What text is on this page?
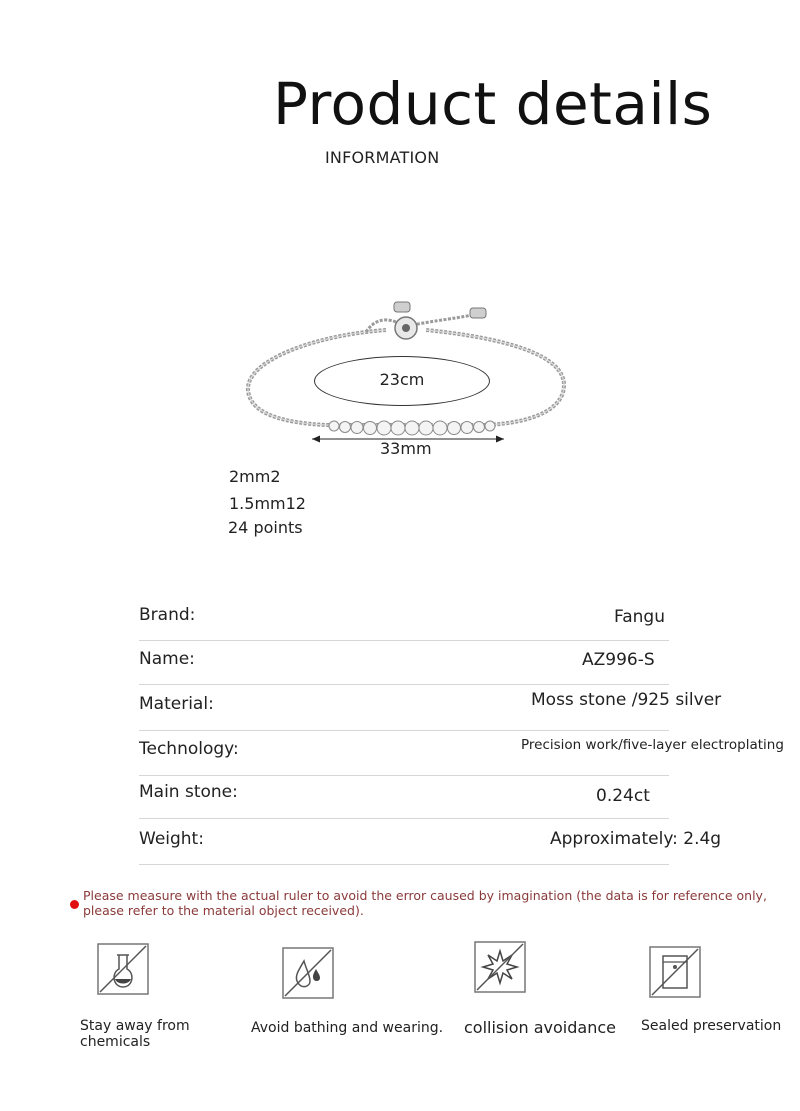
Product details
INFORMATION
23cm
33mm
2mm2
1.5mm12
24 points
Brand:	Fangu
Name:	AZ996-S
Material:	Moss stone /925 silver
Technology:	Precision work/five-layer electroplating
Main stone:	0.24ct
Weight:	Approximately: 2.4g
Please measure with the actual ruler to avoid the error caused by imagination (the data is for reference only, please refer to the material object received).
Stay away from chemicals
Avoid bathing and wearing.	collision avoidance	Sealed preservation
